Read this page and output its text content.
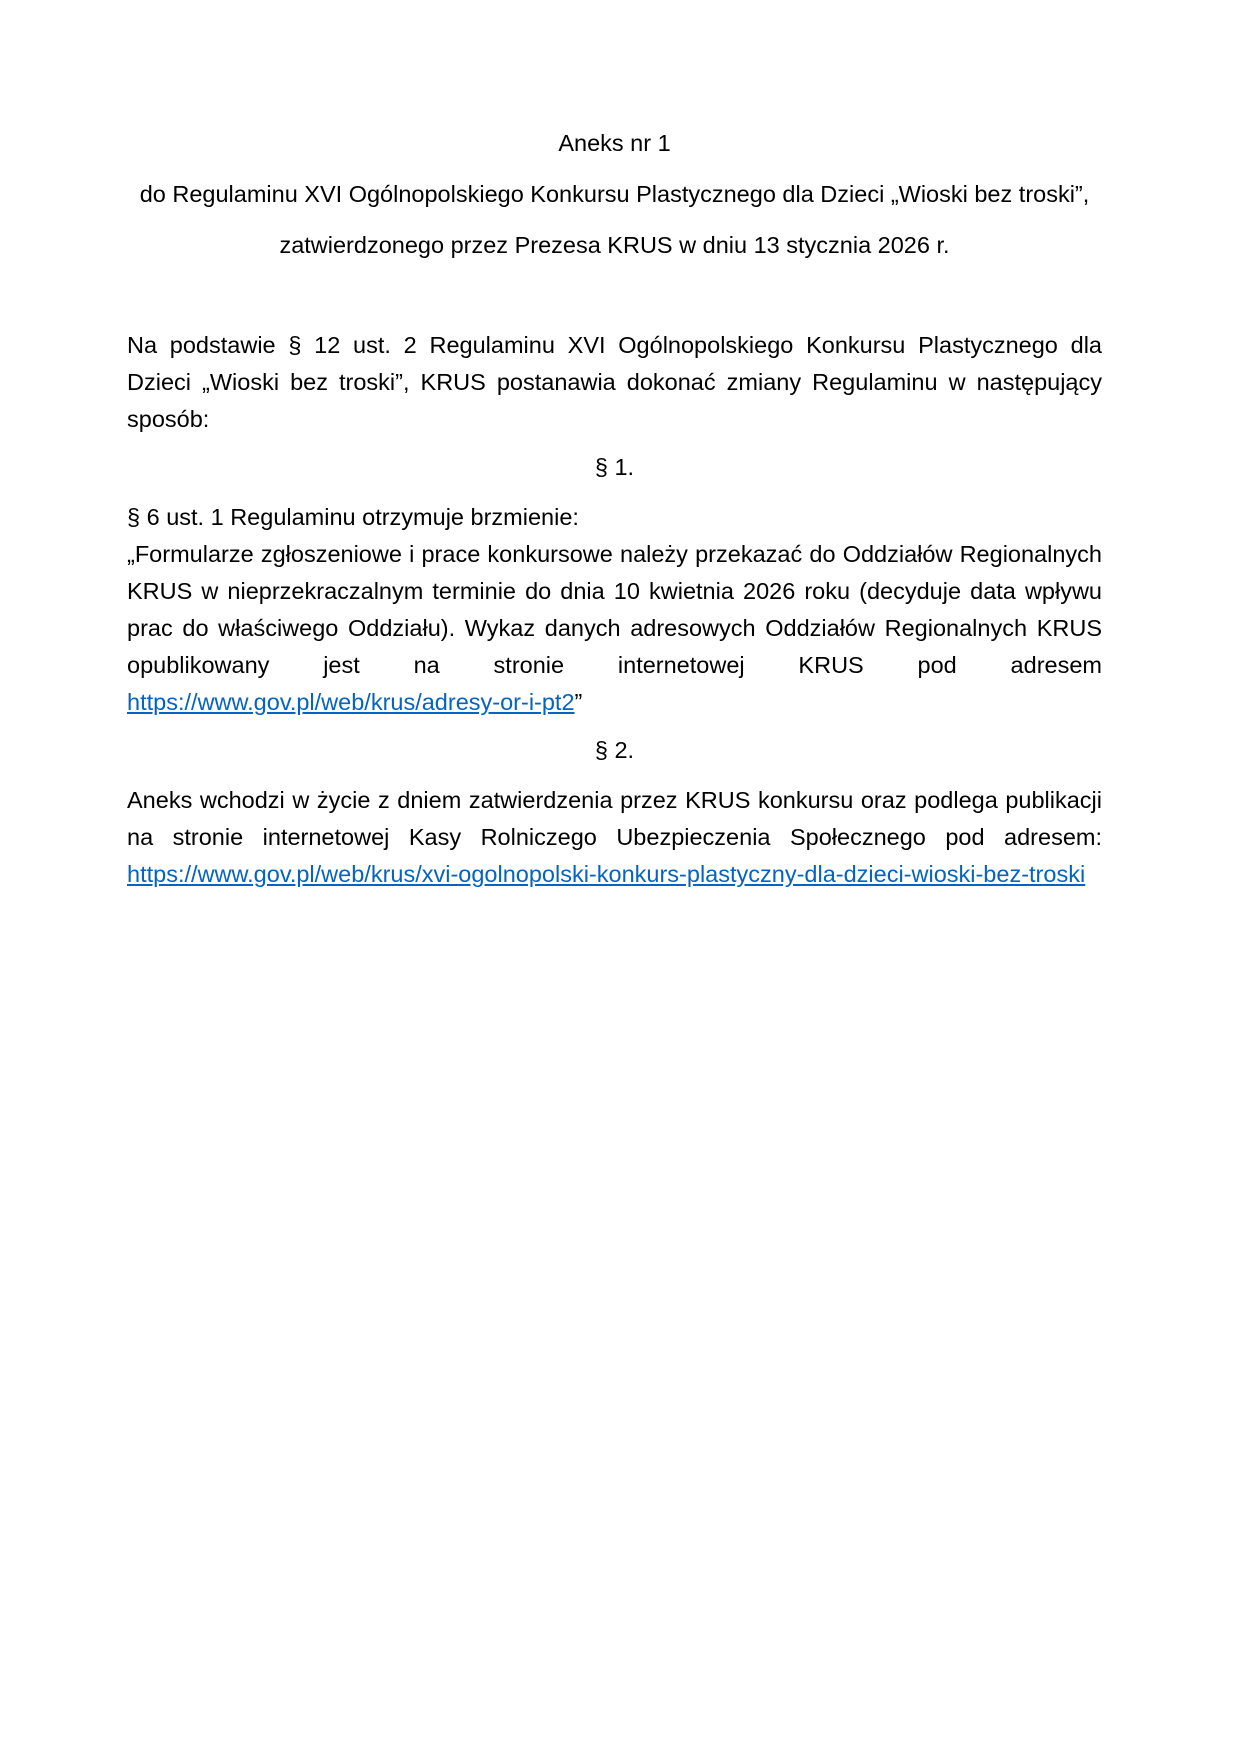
Aneks nr 1

do Regulaminu XVI Ogólnopolskiego Konkursu Plastycznego dla Dzieci „Wioski bez troski”,

zatwierdzonego przez Prezesa KRUS w dniu 13 stycznia 2026 r.

Na podstawie § 12 ust. 2 Regulaminu XVI Ogólnopolskiego Konkursu Plastycznego dla Dzieci „Wioski bez troski”, KRUS postanawia dokonać zmiany Regulaminu w następujący sposób:

§ 1.

§ 6 ust. 1 Regulaminu otrzymuje brzmienie:

„Formularze zgłoszeniowe i prace konkursowe należy przekazać do Oddziałów Regionalnych KRUS w nieprzekraczalnym terminie do dnia 10 kwietnia 2026 roku (decyduje data wpływu prac do właściwego Oddziału). Wykaz danych adresowych Oddziałów Regionalnych KRUS opublikowany jest na stronie internetowej KRUS pod adresem https://www.gov.pl/web/krus/adresy-or-i-pt2”

§ 2.

Aneks wchodzi w życie z dniem zatwierdzenia przez KRUS konkursu oraz podlega publikacji na stronie internetowej Kasy Rolniczego Ubezpieczenia Społecznego pod adresem: https://www.gov.pl/web/krus/xvi-ogolnopolski-konkurs-plastyczny-dla-dzieci-wioski-bez-troski
